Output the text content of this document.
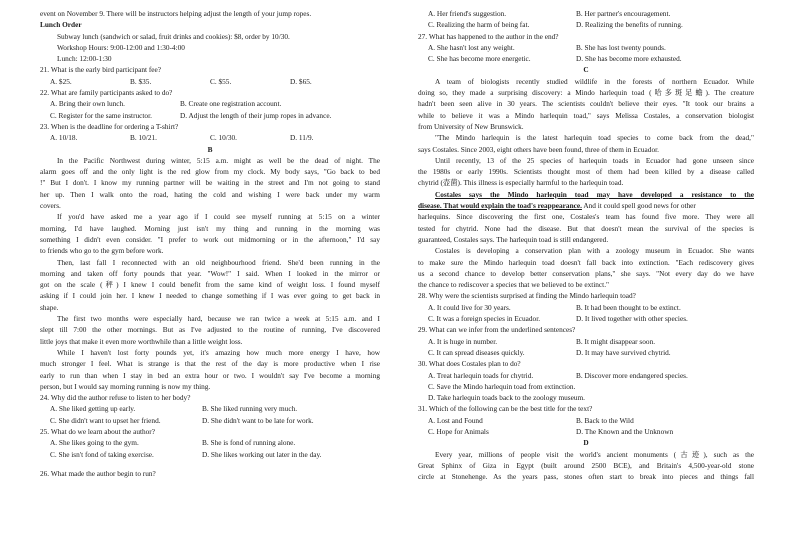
event on November 9. There will be instructors helping adjust the length of your jump ropes.
Lunch Order
Subway lunch (sandwich or salad, fruit drinks and cookies): $8, order by 10/30.
Workshop Hours: 9:00-12:00 and 1:30-4:00
Lunch: 12:00-1:30
21. What is the early bird participant fee?
A. $25.	B. $35.	C. $55.	D. $65.
22. What are family participants asked to do?
A. Bring their own lunch.	B. Create one registration account.
C. Register for the same instructor.	D. Adjust the length of their jump ropes in advance.
23. When is the deadline for ordering a T-shirt?
A. 10/18.	B. 10/21.	C. 10/30.	D. 11/9.
B
In the Pacific Northwest during winter, 5:15 a.m. might as well be the dead of night. The
alarm goes off and the only light is the red glow from my clock. My body says, "Go back to bed
!" But I don't. I know my running partner will be waiting in the street and I'm not going to stand
her up. Then I walk onto the road, hating the cold and wishing I were back under my warm
covers.
If you'd have asked me a year ago if I could see myself running at 5:15 on a winter
morning, I'd have laughed. Morning just isn't my thing and running in the morning was
something I didn't even consider. "I prefer to work out midmorning or in the afternoon," I'd say
to friends who go to the gym before work.
Then, last fall I reconnected with an old neighbourhood friend. She'd been running in the
morning and taken off forty pounds that year. "Wow!" I said. When I looked in the mirror or
got on the scale (秤) I knew I could benefit from the same kind of weight loss. I found myself
asking if I could join her. I knew I needed to change something if I was ever going to get back in
shape.
The first two months were especially hard, because we ran twice a week at 5:15 a.m. and I
slept till 7:00 the other mornings. But as I've adjusted to the routine of running, I've discovered
little joys that make it even more worthwhile than a little weight loss.
While I haven't lost forty pounds yet, it's amazing how much more energy I have, how
much stronger I feel. What is strange is that the rest of the day is more productive when I rise
early to run than when I stay in bed an extra hour or two. I wouldn't say I've become a morning
person, but I would say morning running is now my thing.
24. Why did the author refuse to listen to her body?
A. She liked getting up early.	B. She liked running very much.
C. She didn't want to upset her friend.	D. She didn't want to be late for work.
25. What do we learn about the author?
A. She likes going to the gym.	B. She is fond of running alone.
C. She isn't fond of taking exercise.	D. She likes working out later in the day.
26. What made the author begin to run?
A. Her friend's suggestion.	B. Her partner's encouragement.
C. Realizing the harm of being fat.	D. Realizing the benefits of running.
27. What has happened to the author in the end?
A. She hasn't lost any weight.	B. She has lost twenty pounds.
C. She has become more energetic.	D. She has become more exhausted.
C
A team of biologists recently studied wildlife in the forests of northern Ecuador. While
doing so, they made a surprising discovery: a Mindo harlequin toad (哈多斑足蟾). The creature
hadn't been seen alive in 30 years. The scientists couldn't believe their eyes. "It took our brains a
while to believe it was a Mindo harlequin toad," says Melissa Costales, a conservation biologist
from University of New Brunswick.
"The Mindo harlequin is the latest harlequin toad species to come back from the dead,"
says Costales. Since 2003, eight others have been found, three of them in Ecuador.
Until recently, 13 of the 25 species of harlequin toads in Ecuador had gone unseen since
the 1980s or early 1990s. Scientists thought most of them had been killed by a disease called
chytrid (壶菌). This illness is especially harmful to the harlequin toad.
Costales says the Mindo harlequin toad may have developed a resistance to the
disease. That would explain the toad's reappearance. And it could spell good news for other
harlequins. Since discovering the first one, Costales's team has found five more. They were all
tested for chytrid. None had the disease. But that doesn't mean the survival of the species is
guaranteed, Costales says. The harlequin toad is still endangered.
Costales is developing a conservation plan with a zoology museum in Ecuador. She wants
to make sure the Mindo harlequin toad doesn't fall back into extinction. "Each rediscovery gives
us a second chance to develop better conservation plans," she says. "Not every day do we have
the chance to rediscover a species that we believed to be extinct."
28. Why were the scientists surprised at finding the Mindo harlequin toad?
A. It could live for 30 years.	B. It had been thought to be extinct.
C. It was a foreign species in Ecuador.	D. It lived together with other species.
29. What can we infer from the underlined sentences?
A. It is huge in number.	B. It might disappear soon.
C. It can spread diseases quickly.	D. It may have survived chytrid.
30. What does Costales plan to do?
A. Treat harlequin toads for chytrid.	B. Discover more endangered species.
C. Save the Mindo harlequin toad from extinction.
D. Take harlequin toads back to the zoology museum.
31. Which of the following can be the best title for the text?
A. Lost and Found	B. Back to the Wild
C. Hope for Animals	D. The Known and the Unknown
D
Every year, millions of people visit the world's ancient monuments (古迹), such as the
Great Sphinx of Giza in Egypt (built around 2500 BCE), and Britain's 4,500-year-old stone
circle at Stonehenge. As the years pass, stones often start to break into pieces and things fall
